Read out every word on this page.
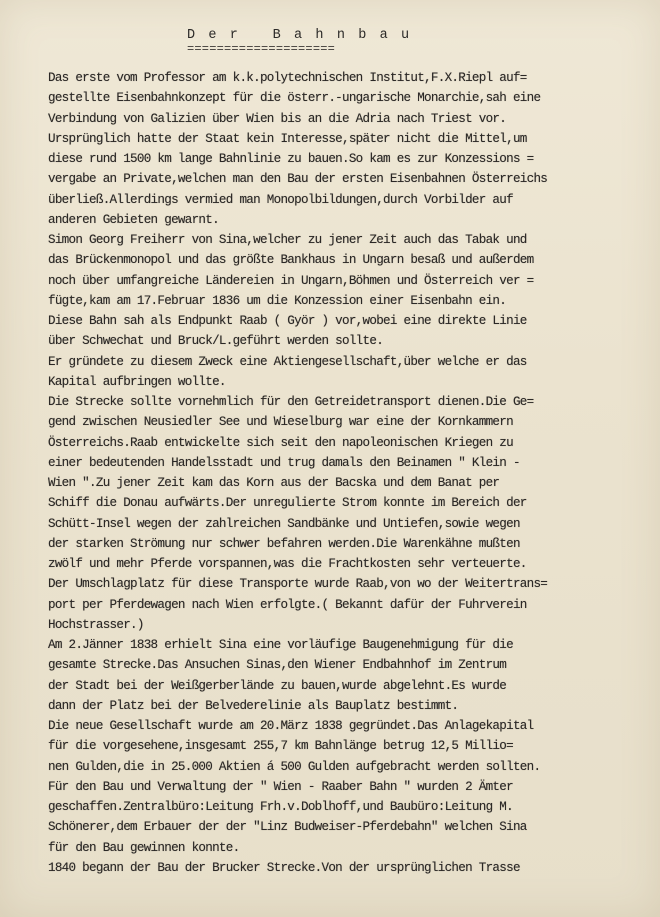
D e r   B a h n b a u
====================
Das erste vom Professor am k.k.polytechnischen Institut,F.X.Riepl auf=
gestellte Eisenbahnkonzept für die österr.-ungarische Monarchie,sah eine
Verbindung von Galizien über Wien bis an die Adria nach Triest vor.
Ursprünglich hatte der Staat kein Interesse,später nicht die Mittel,um
diese rund 1500 km lange Bahnlinie zu bauen.So kam es zur Konzessions =
vergabe an Private,welchen man den Bau der ersten Eisenbahnen Österreichs
überließ.Allerdings vermied man Monopolbildungen,durch Vorbilder auf
anderen Gebieten gewarnt.
Simon Georg Freiherr von Sina,welcher zu jener Zeit auch das Tabak und
das Brückenmonopol und das größte Bankhaus in Ungarn besaß und außerdem
noch über umfangreiche Ländereien in Ungarn,Böhmen und Österreich ver =
fügte,kam am 17.Februar 1836 um die Konzession einer Eisenbahn ein.
Diese Bahn sah als Endpunkt Raab ( Györ ) vor,wobei eine direkte Linie
über Schwechat und Bruck/L.geführt werden sollte.
Er gründete zu diesem Zweck eine Aktiengesellschaft,über welche er das
Kapital aufbringen wollte.
Die Strecke sollte vornehmlich für den Getreidetransport dienen.Die Ge=
gend zwischen Neusiedler See und Wieselburg war eine der Kornkammern
Österreichs.Raab entwickelte sich seit den napoleonischen Kriegen zu
einer bedeutenden Handelsstadt und trug damals den Beinamen " Klein -
Wien ".Zu jener Zeit kam das Korn aus der Bacska und dem Banat per
Schiff die Donau aufwärts.Der unregulierte Strom konnte im Bereich der
Schütt-Insel wegen der zahlreichen Sandbänke und Untiefen,sowie wegen
der starken Strömung nur schwer befahren werden.Die Warenkähne mußten
zwölf und mehr Pferde vorspannen,was die Frachtkosten sehr verteuerte.
Der Umschlagplatz für diese Transporte wurde Raab,von wo der Weitertrans=
port per Pferdewagen nach Wien erfolgte.( Bekannt dafür der Fuhrverein
Hochstrasser.)
Am 2.Jänner 1838 erhielt Sina eine vorläufige Baugenehmigung für die
gesamte Strecke.Das Ansuchen Sinas,den Wiener Endbahnhof im Zentrum
der Stadt bei der Weißgerberlände zu bauen,wurde abgelehnt.Es wurde
dann der Platz bei der Belvederelinie als Bauplatz bestimmt.
Die neue Gesellschaft wurde am 20.März 1838 gegründet.Das Anlagekapital
für die vorgesehene,insgesamt 255,7 km Bahnlänge betrug 12,5 Millio=
nen Gulden,die in 25.000 Aktien á 500 Gulden aufgebracht werden sollten.
Für den Bau und Verwaltung der " Wien - Raaber Bahn " wurden 2 Ämter
geschaffen.Zentralbüro:Leitung Frh.v.Doblhoff,und Baubüro:Leitung M.
Schönerer,dem Erbauer der der "Linz Budweiser-Pferdebahn" welchen Sina
für den Bau gewinnen konnte.
1840 begann der Bau der Brucker Strecke.Von der ursprünglichen Trasse
